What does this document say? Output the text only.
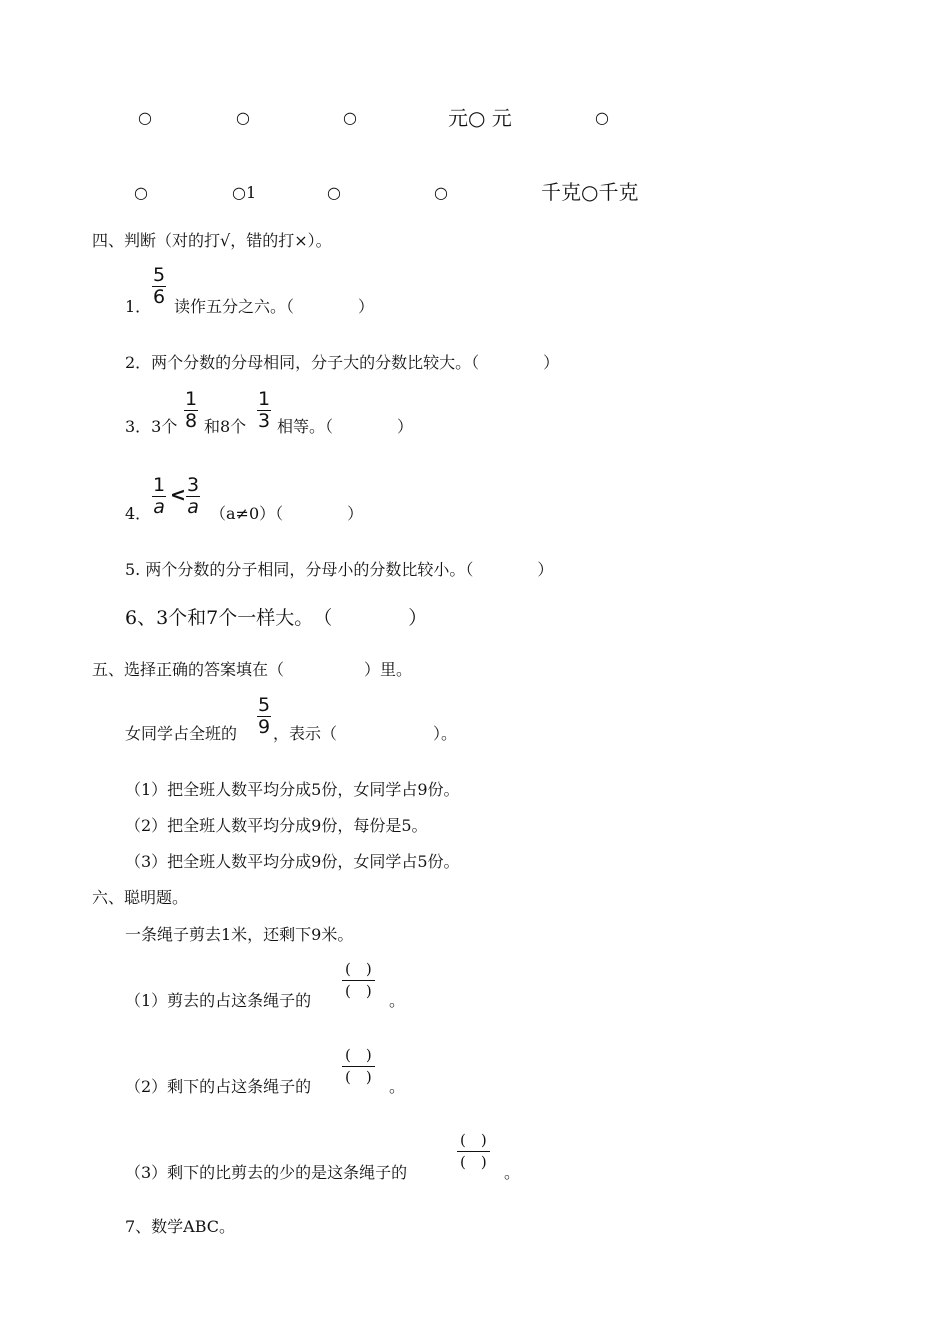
○	○	○	元○ 元	○
○	○1	○	○	千克○千克
四、判断（对的打√，错的打×）。
1． $\frac{5}{6}$ 读作五分之六。（　　　　）
2．两个分数的分母相同，分子大的分数比较大。（　　　　）
3．3个 $\frac{1}{8}$ 和8个 $\frac{1}{3}$ 相等。（　　　　）
4． $\frac{1}{a} < \frac{3}{a} (a\ne 0)$（　　　　）
5. 两个分数的分子相同，分母小的分数比较小。（　　　　）
6、3个和7个一样大。　（　　　　）
五、选择正确的答案填在（　　　　　）里。
女同学占全班的 $\frac{5}{9}$ ，表示（　　　　　　）。
（1）把全班人数平均分成5份，女同学占9份。
（2）把全班人数平均分成9份，每份是5。
（3）把全班人数平均分成9份，女同学占5份。
六、聪明题。
一条绳子剪去1米，还剩下9米。
（1）剪去的占这条绳子的
(　)
(　) 。
（2）剩下的占这条绳子的
(　)
(　) 。
（3）剩下的比剪去的少的是这条绳子的
(　)
(　)
。
7、数学ABC。
